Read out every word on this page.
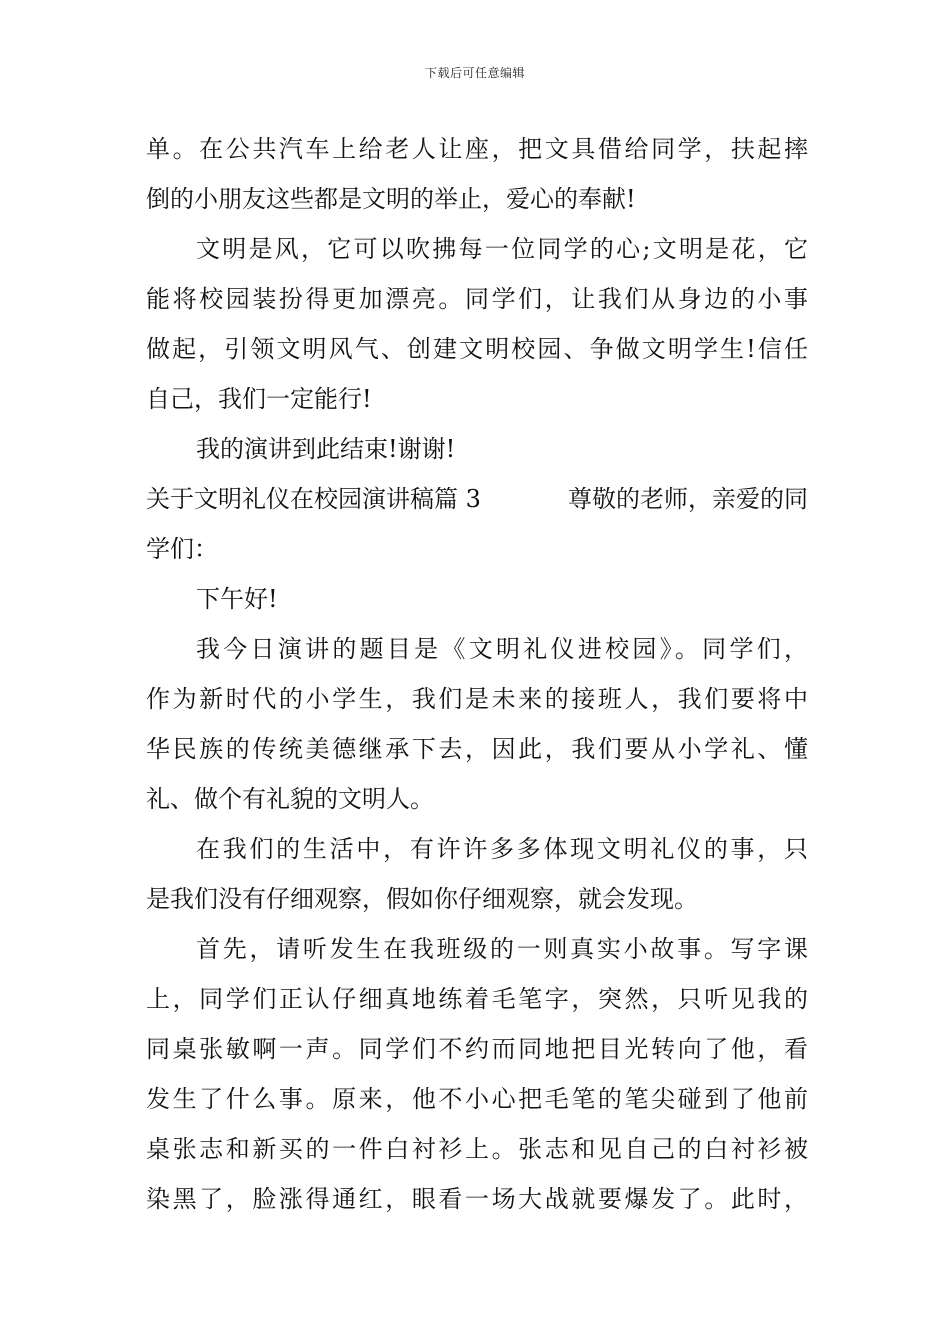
下载后可任意编辑
单。在公共汽车上给老人让座，把文具借给同学，扶起摔
倒的小朋友这些都是文明的举止，爱心的奉献!
文明是风，它可以吹拂每一位同学的心;文明是花，它
能将校园装扮得更加漂亮。同学们，让我们从身边的小事
做起，引领文明风气、创建文明校园、争做文明学生!信任
自己，我们一定能行!
我的演讲到此结束!谢谢!
关于文明礼仪在校园演讲稿篇 3	尊敬的老师，亲爱的同
学们：
下午好!
我今日演讲的题目是《文明礼仪进校园》。同学们，
作为新时代的小学生，我们是未来的接班人，我们要将中
华民族的传统美德继承下去，因此，我们要从小学礼、懂
礼、做个有礼貌的文明人。
在我们的生活中，有许许多多体现文明礼仪的事，只
是我们没有仔细观察，假如你仔细观察，就会发现。
首先，请听发生在我班级的一则真实小故事。写字课
上，同学们正认仔细真地练着毛笔字，突然，只听见我的
同桌张敏啊一声。同学们不约而同地把目光转向了他，看
发生了什么事。原来，他不小心把毛笔的笔尖碰到了他前
桌张志和新买的一件白衬衫上。张志和见自己的白衬衫被
染黑了，脸涨得通红，眼看一场大战就要爆发了。此时，
